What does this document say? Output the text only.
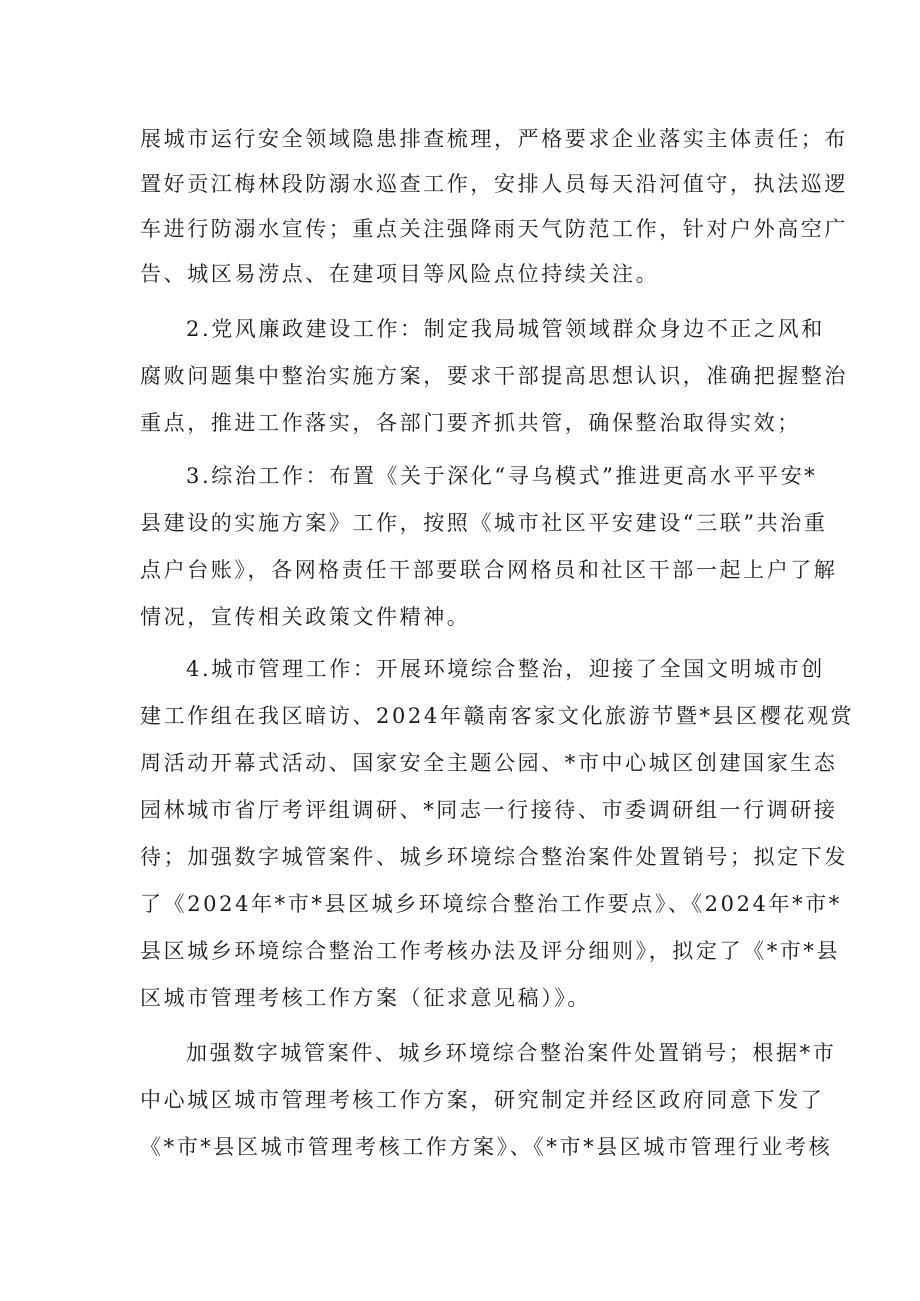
展城市运行安全领域隐患排查梳理，严格要求企业落实主体责任；布
置好贡江梅林段防溺水巡查工作，安排人员每天沿河值守，执法巡逻
车进行防溺水宣传；重点关注强降雨天气防范工作，针对户外高空广
告、城区易涝点、在建项目等风险点位持续关注。
2.党风廉政建设工作：制定我局城管领域群众身边不正之风和
腐败问题集中整治实施方案，要求干部提高思想认识，准确把握整治
重点，推进工作落实，各部门要齐抓共管，确保整治取得实效；
3.综治工作：布置《关于深化“寻乌模式”推进更高水平平安*
县建设的实施方案》工作，按照《城市社区平安建设“三联”共治重
点户台账》，各网格责任干部要联合网格员和社区干部一起上户了解
情况，宣传相关政策文件精神。
4.城市管理工作：开展环境综合整治，迎接了全国文明城市创
建工作组在我区暗访、2024年赣南客家文化旅游节暨*县区樱花观赏
周活动开幕式活动、国家安全主题公园、*市中心城区创建国家生态
园林城市省厅考评组调研、*同志一行接待、市委调研组一行调研接
待；加强数字城管案件、城乡环境综合整治案件处置销号；拟定下发
了《2024年*市*县区城乡环境综合整治工作要点》、《2024年*市*
县区城乡环境综合整治工作考核办法及评分细则》，拟定了《*市*县
区城市管理考核工作方案（征求意见稿）》。
加强数字城管案件、城乡环境综合整治案件处置销号；根据*市
中心城区城市管理考核工作方案，研究制定并经区政府同意下发了
《*市*县区城市管理考核工作方案》、《*市*县区城市管理行业考核
